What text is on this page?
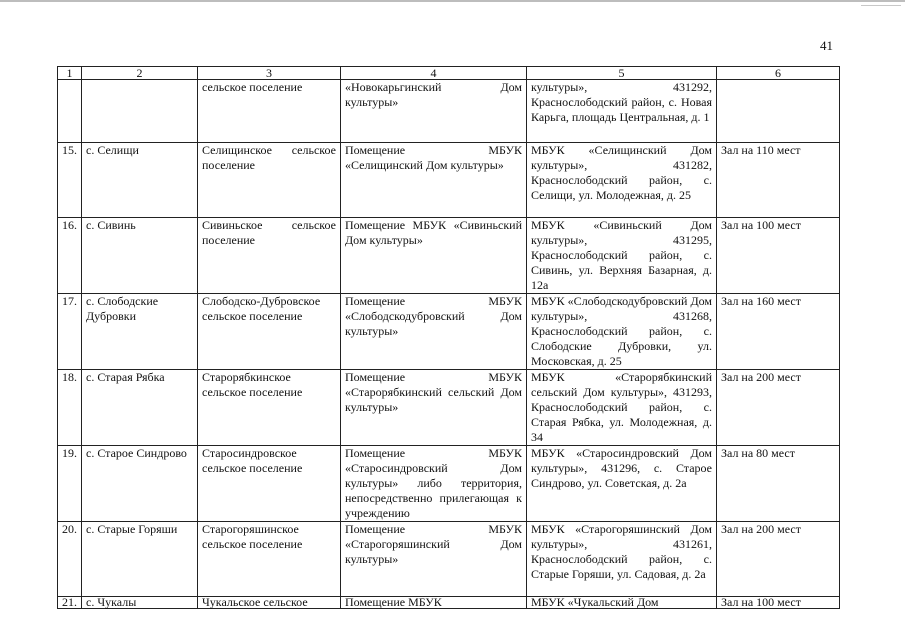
41
1	2	3	4	5	6
		сельское поселение	«Новокарьгинский Дом культуры»	культуры», 431292, Краснослободский район, с. Новая Карьга, площадь Центральная, д. 1	
15.	с. Селищи	Селищинское сельское поселение	Помещение МБУК «Селищинский Дом культуры»	МБУК «Селищинский Дом культуры», 431282, Краснослободский район, с. Селищи, ул. Молодежная, д. 25	Зал на 110 мест
16.	с. Сивинь	Сивиньское сельское поселение	Помещение МБУК «Сивиньский Дом культуры»	МБУК «Сивиньский Дом культуры», 431295, Краснослободский район, с. Сивинь, ул. Верхняя Базарная, д. 12а	Зал на 100 мест
17.	с. Слободские Дубровки	Слободско-Дубровское сельское поселение	Помещение МБУК «Слободскодубровский Дом культуры»	МБУК «Слободскодубровский Дом культуры», 431268, Краснослободский район, с. Слободские Дубровки, ул. Московская, д. 25	Зал на 160 мест
18.	с. Старая Рябка	Старорябкинское сельское поселение	Помещение МБУК «Старорябкинский сельский Дом культуры»	МБУК «Старорябкинский сельский Дом культуры», 431293, Краснослободский район, с. Старая Рябка, ул. Молодежная, д. 34	Зал на 200 мест
19.	с. Старое Синдрово	Старосиндровское сельское поселение	Помещение МБУК «Старосиндровский Дом культуры» либо территория, непосредственно прилегающая к учреждению	МБУК «Старосиндровский Дом культуры», 431296, с. Старое Синдрово, ул. Советская, д. 2а	Зал на 80 мест
20.	с. Старые Горяши	Старогоряшинское сельское поселение	Помещение МБУК «Старогоряшинский Дом культуры»	МБУК «Старогоряшинский Дом культуры», 431261, Краснослободский район, с. Старые Горяши, ул. Садовая, д. 2а	Зал на 200 мест
21.	с. Чукалы	Чукальское сельское	Помещение МБУК	МБУК «Чукальский Дом	Зал на 100 мест
